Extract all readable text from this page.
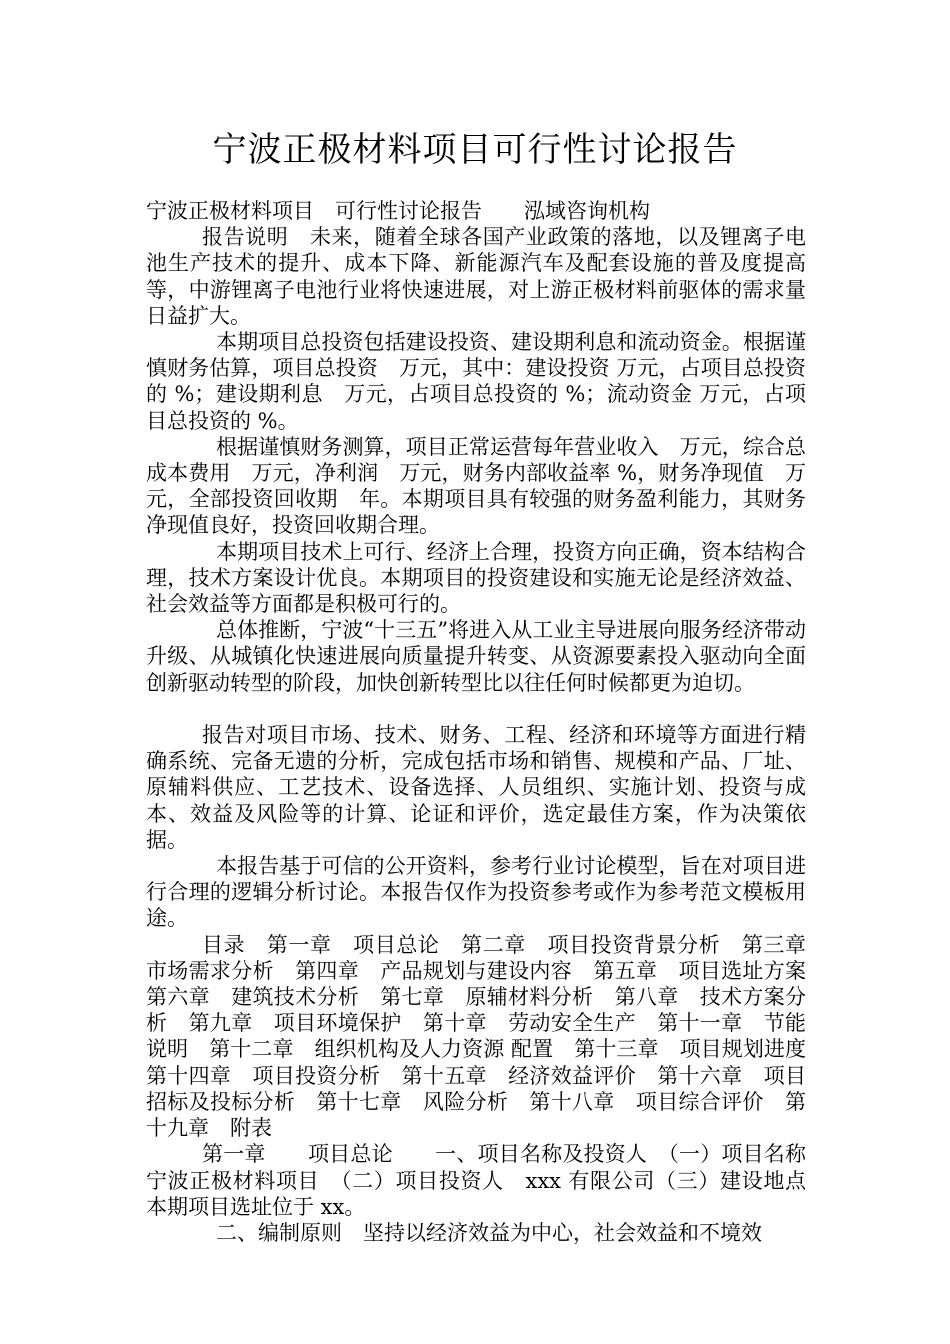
宁波正极材料项目可行性讨论报告

宁波正极材料项目　可行性讨论报告　　泓域咨询机构

报告说明　未来，随着全球各国产业政策的落地，以及锂离子电池生产技术的提升、成本下降、新能源汽车及配套设施的普及度提高等，中游锂离子电池行业将快速进展，对上游正极材料前驱体的需求量日益扩大。

本期项目总投资包括建设投资、建设期利息和流动资金。根据谨慎财务估算，项目总投资　万元，其中：建设投资 万元，占项目总投资的 %；建设期利息　万元，占项目总投资的 %；流动资金 万元，占项目总投资的 %。

根据谨慎财务测算，项目正常运营每年营业收入　万元，综合总成本费用　万元，净利润　万元，财务内部收益率 %，财务净现值　万元，全部投资回收期　年。本期项目具有较强的财务盈利能力，其财务净现值良好，投资回收期合理。

本期项目技术上可行、经济上合理，投资方向正确，资本结构合理，技术方案设计优良。本期项目的投资建设和实施无论是经济效益、社会效益等方面都是积极可行的。

总体推断，宁波“十三五”将进入从工业主导进展向服务经济带动升级、从城镇化快速进展向质量提升转变、从资源要素投入驱动向全面创新驱动转型的阶段，加快创新转型比以往任何时候都更为迫切。

报告对项目市场、技术、财务、工程、经济和环境等方面进行精确系统、完备无遗的分析，完成包括市场和销售、规模和产品、厂址、原辅料供应、工艺技术、设备选择、人员组织、实施计划、投资与成本、效益及风险等的计算、论证和评价，选定最佳方案，作为决策依据。

本报告基于可信的公开资料，参考行业讨论模型，旨在对项目进行合理的逻辑分析讨论。本报告仅作为投资参考或作为参考范文模板用途。

目录　第一章　项目总论　第二章　项目投资背景分析　第三章　市场需求分析　第四章　产品规划与建设内容　第五章　项目选址方案　第六章　建筑技术分析　第七章　原辅材料分析　第八章　技术方案分析　第九章　项目环境保护　第十章　劳动安全生产　第十一章　节能说明　第十二章　组织机构及人力资源 配置　第十三章　项目规划进度　第十四章　项目投资分析　第十五章　经济效益评价　第十六章　项目招标及投标分析　第十七章　风险分析　第十八章　项目综合评价　第十九章　附表

第一章　　项目总论　　一、项目名称及投资人　（一）项目名称　宁波正极材料项目　（二）项目投资人　xxx 有限公司（三）建设地点　本期项目选址位于 xx。

二、编制原则　坚持以经济效益为中心，社会效益和不境效
